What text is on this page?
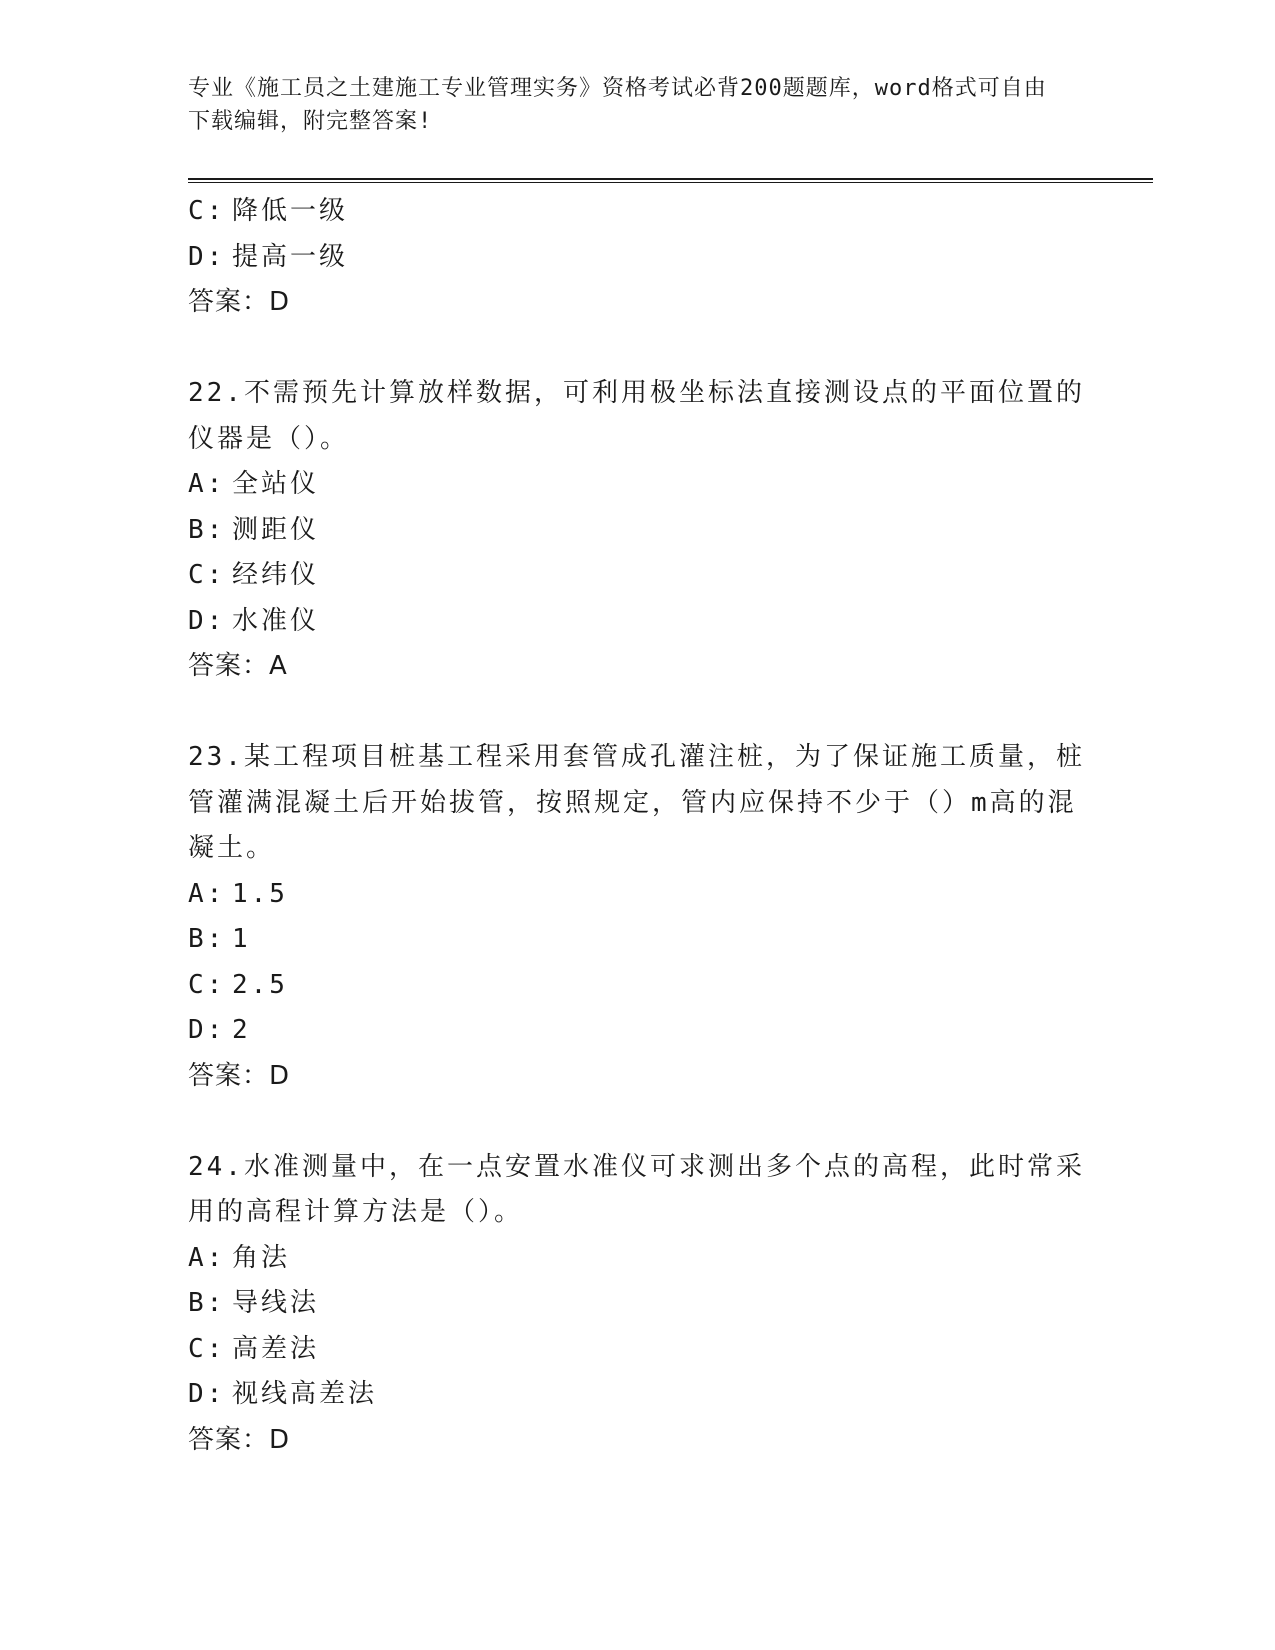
专业《施工员之土建施工专业管理实务》资格考试必背200题题库，word格式可自由下载编辑，附完整答案!
C: 降低一级
D: 提高一级
答案：D
22.不需预先计算放样数据，可利用极坐标法直接测设点的平面位置的
仪器是（）。
A: 全站仪
B: 测距仪
C: 经纬仪
D: 水准仪
答案：A
23.某工程项目桩基工程采用套管成孔灌注桩，为了保证施工质量，桩
管灌满混凝土后开始拔管，按照规定，管内应保持不少于（）m高的混
凝土。
A: 1.5
B: 1
C: 2.5
D: 2
答案：D
24.水准测量中，在一点安置水准仪可求测出多个点的高程，此时常采
用的高程计算方法是（）。
A: 角法
B: 导线法
C: 高差法
D: 视线高差法
答案：D
